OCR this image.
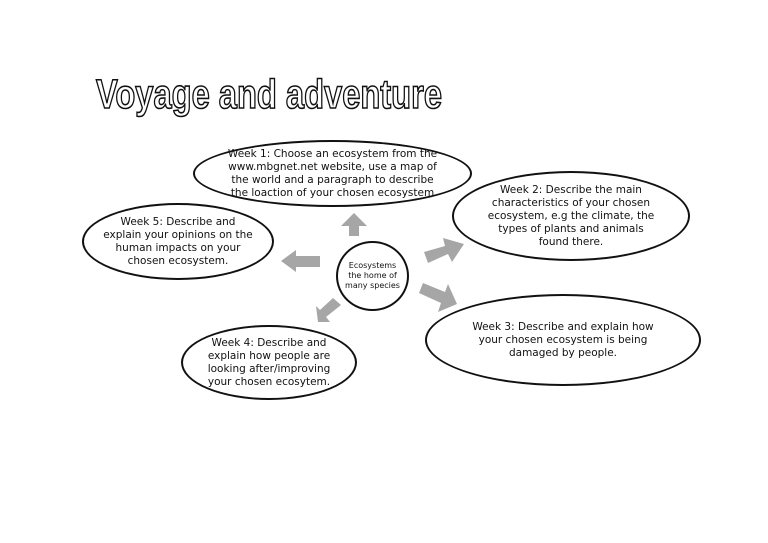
Voyage and adventure
Week 1: Choose an ecosystem from the www.mbgnet.net website, use a map of the world and a paragraph to describe the loaction of your chosen ecosystem	Week 2: Describe the main characteristics of your chosen ecosystem, e.g the climate, the types of plants and animals found there.
Week 3: Describe and explain how your chosen ecosystem is being damaged by people.
Week 4: Describe and explain how people are looking after/improving your chosen ecosytem.
Week 5: Describe and explain your opinions on the human impacts on your chosen ecosystem.	Ecosystems the home of many species
